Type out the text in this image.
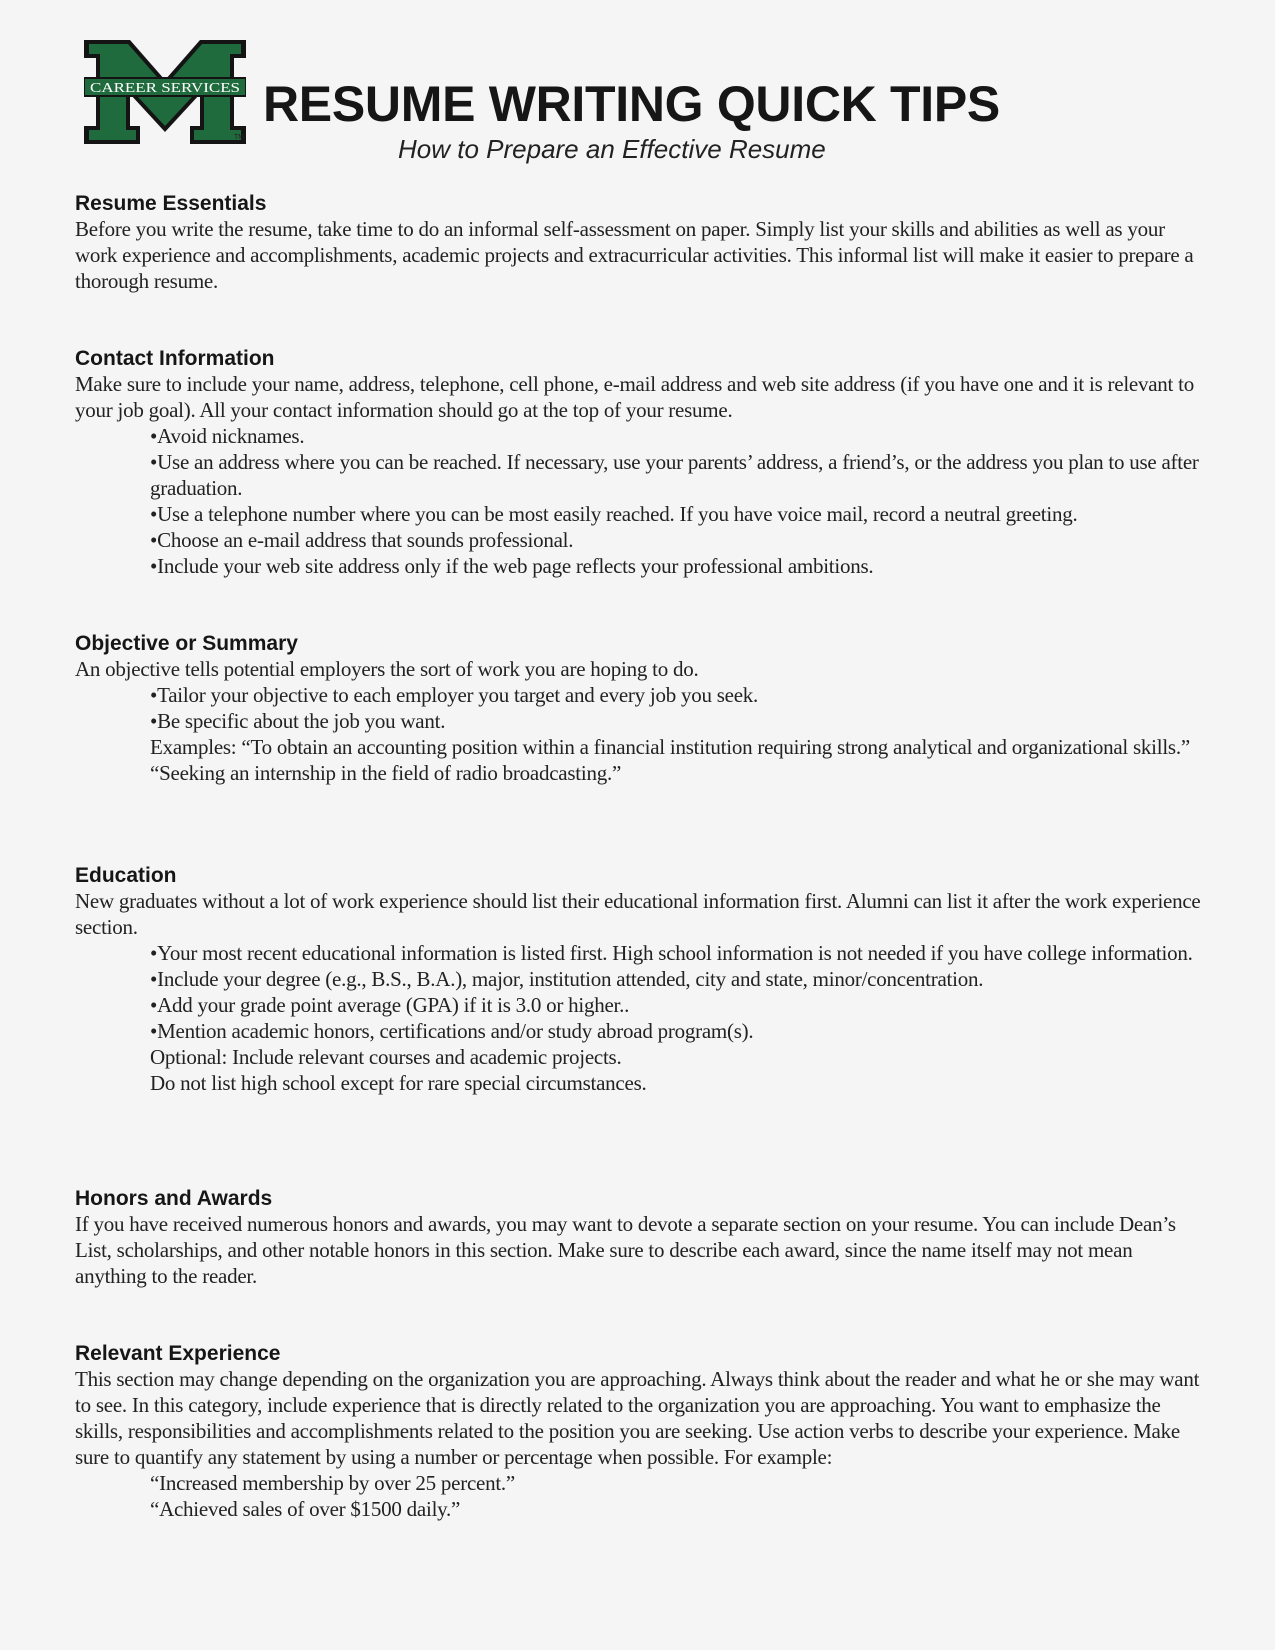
CAREER SERVICES
TM
RESUME WRITING QUICK TIPS

How to Prepare an Effective Resume

Resume Essentials

Before you write the resume, take time to do an informal self-assessment on paper. Simply list your skills and abilities as well as your work experience and accomplishments, academic projects and extracurricular activities. This informal list will make it easier to prepare a thorough resume.

Contact Information

Make sure to include your name, address, telephone, cell phone, e-mail address and web site address (if you have one and it is relevant to your job goal). All your contact information should go at the top of your resume.

•Avoid nicknames.

•Use an address where you can be reached. If necessary, use your parents’ address, a friend’s, or the address you plan to use after graduation.

•Use a telephone number where you can be most easily reached. If you have voice mail, record a neutral greeting.

•Choose an e-mail address that sounds professional.

•Include your web site address only if the web page reflects your professional ambitions.

Objective or Summary

An objective tells potential employers the sort of work you are hoping to do.

•Tailor your objective to each employer you target and every job you seek.

•Be specific about the job you want.

Examples: “To obtain an accounting position within a financial institution requiring strong analytical and organizational skills.”

“Seeking an internship in the field of radio broadcasting.”

Education

New graduates without a lot of work experience should list their educational information first. Alumni can list it after the work experience section.

•Your most recent educational information is listed first. High school information is not needed if you have college information.

•Include your degree (e.g., B.S., B.A.), major, institution attended, city and state, minor/concentration.

•Add your grade point average (GPA) if it is 3.0 or higher..

•Mention academic honors, certifications and/or study abroad program(s).

Optional: Include relevant courses and academic projects.

Do not list high school except for rare special circumstances.

Honors and Awards

If you have received numerous honors and awards, you may want to devote a separate section on your resume. You can include Dean’s List, scholarships, and other notable honors in this section. Make sure to describe each award, since the name itself may not mean anything to the reader.

Relevant Experience

This section may change depending on the organization you are approaching. Always think about the reader and what he or she may want to see. In this category, include experience that is directly related to the organization you are approaching. You want to emphasize the skills, responsibilities and accomplishments related to the position you are seeking. Use action verbs to describe your experience. Make sure to quantify any statement by using a number or percentage when possible. For example:

“Increased membership by over 25 percent.”

“Achieved sales of over $1500 daily.”
